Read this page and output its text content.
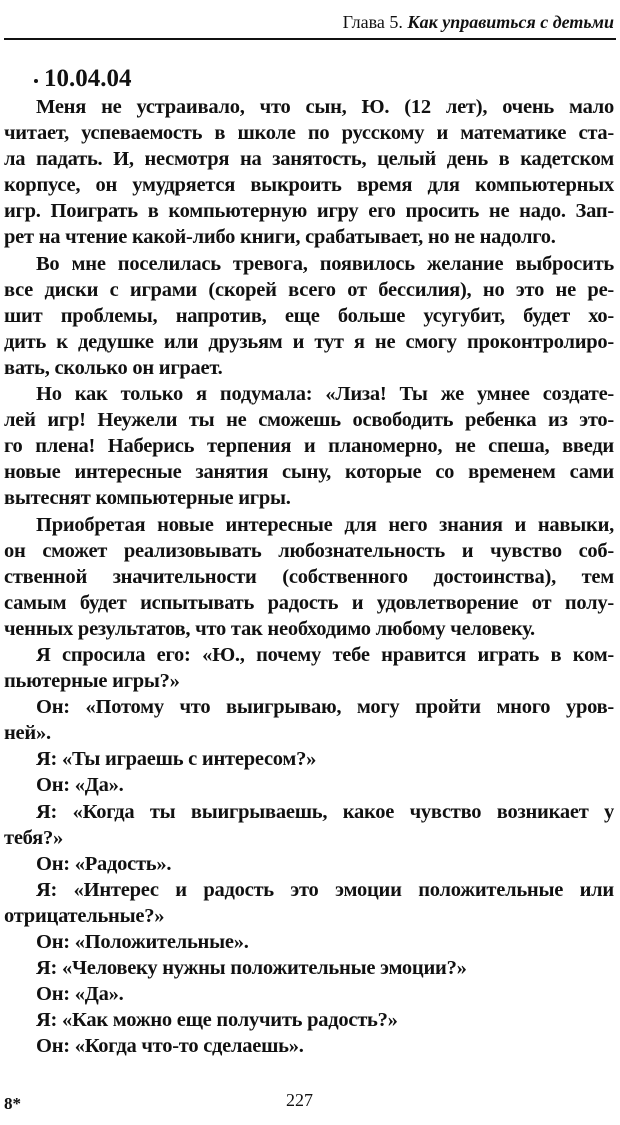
Глава 5. Как управиться с детьми
10.04.04
Меня не устраивало, что сын, Ю. (12 лет), очень мало
читает, успеваемость в школе по русскому и математике ста-
ла падать. И, несмотря на занятость, целый день в кадетском
корпусе, он умудряется выкроить время для компьютерных
игр. Поиграть в компьютерную игру его просить не надо. Зап-
рет на чтение какой-либо книги, срабатывает, но не надолго.
Во мне поселилась тревога, появилось желание выбросить
все диски с играми (скорей всего от бессилия), но это не ре-
шит проблемы, напротив, еще больше усугубит, будет хо-
дить к дедушке или друзьям и тут я не смогу проконтролиро-
вать, сколько он играет.
Но как только я подумала: «Лиза! Ты же умнее создате-
лей игр! Неужели ты не сможешь освободить ребенка из это-
го плена! Наберись терпения и планомерно, не спеша, введи
новые интересные занятия сыну, которые со временем сами
вытеснят компьютерные игры.
Приобретая новые интересные для него знания и навыки,
он сможет реализовывать любознательность и чувство соб-
ственной значительности (собственного достоинства), тем
самым будет испытывать радость и удовлетворение от полу-
ченных результатов, что так необходимо любому человеку.
Я спросила его: «Ю., почему тебе нравится играть в ком-
пьютерные игры?»
Он: «Потому что выигрываю, могу пройти много уров-
ней».
Я: «Ты играешь с интересом?»
Он: «Да».
Я: «Когда ты выигрываешь, какое чувство возникает у
тебя?»
Он: «Радость».
Я: «Интерес и радость это эмоции положительные или
отрицательные?»
Он: «Положительные».
Я: «Человеку нужны положительные эмоции?»
Он: «Да».
Я: «Как можно еще получить радость?»
Он: «Когда что-то сделаешь».
8*	227
